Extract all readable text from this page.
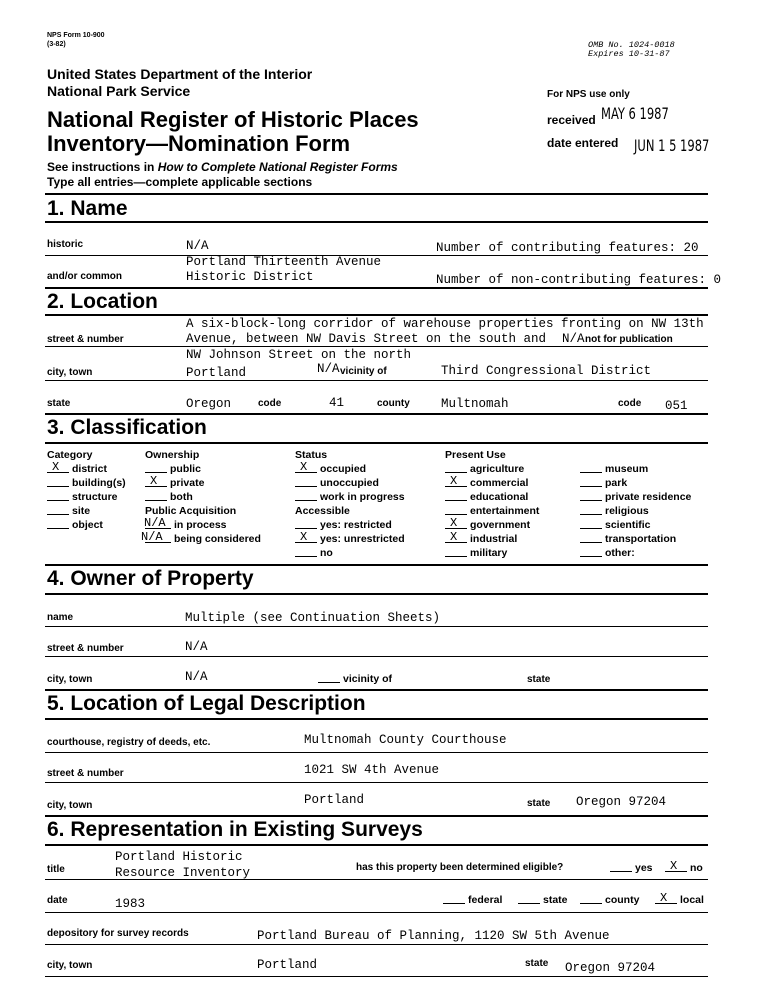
NPS Form 10-900
(3-82)	OMB No. 1024-0018
Expires 10-31-87
United States Department of the Interior
National Park Service
National Register of Historic Places
Inventory—Nomination Form
See instructions in How to Complete National Register Forms
Type all entries—complete applicable sections
For NPS use only
received MAY 6 1987
date entered JUN 1 5 1987
1. Name
historic	N/A	Number of contributing features: 20
Portland Thirteenth Avenue
and/or common	Historic District	Number of non-contributing features: 0
2. Location
A six-block-long corridor of warehouse properties fronting on NW 13th
street & number	Avenue, between NW Davis Street on the south and N/A not for publication
NW Johnson Street on the north
city, town	Portland	N/A vicinity of	Third Congressional District
state	Oregon	code	41	county Multnomah	code 051
3. Classification
Category
X district
building(s)
structure
site
object
Ownership
public
X private
both
Public Acquisition
N/A in process
N/A being considered
Status
X occupied
unoccupied
work in progress
Accessible
yes: restricted
X yes: unrestricted
no
Present Use
agriculture
X commercial
educational
entertainment
X government
X industrial
military
museum
park
private residence
religious
scientific
transportation
other:
4. Owner of Property
name	Multiple (see Continuation Sheets)
street & number	N/A
city, town	N/A	vicinity of	state
5. Location of Legal Description
courthouse, registry of deeds, etc.	Multnomah County Courthouse
street & number	1021 SW 4th Avenue
city, town	Portland	state Oregon 97204
6. Representation in Existing Surveys
Portland Historic
title	Resource Inventory	has this property been determined eligible?	yes X no
date	1983	federal	state	county X local
depository for survey records	Portland Bureau of Planning, 1120 SW 5th Avenue
city, town	Portland	state Oregon 97204
